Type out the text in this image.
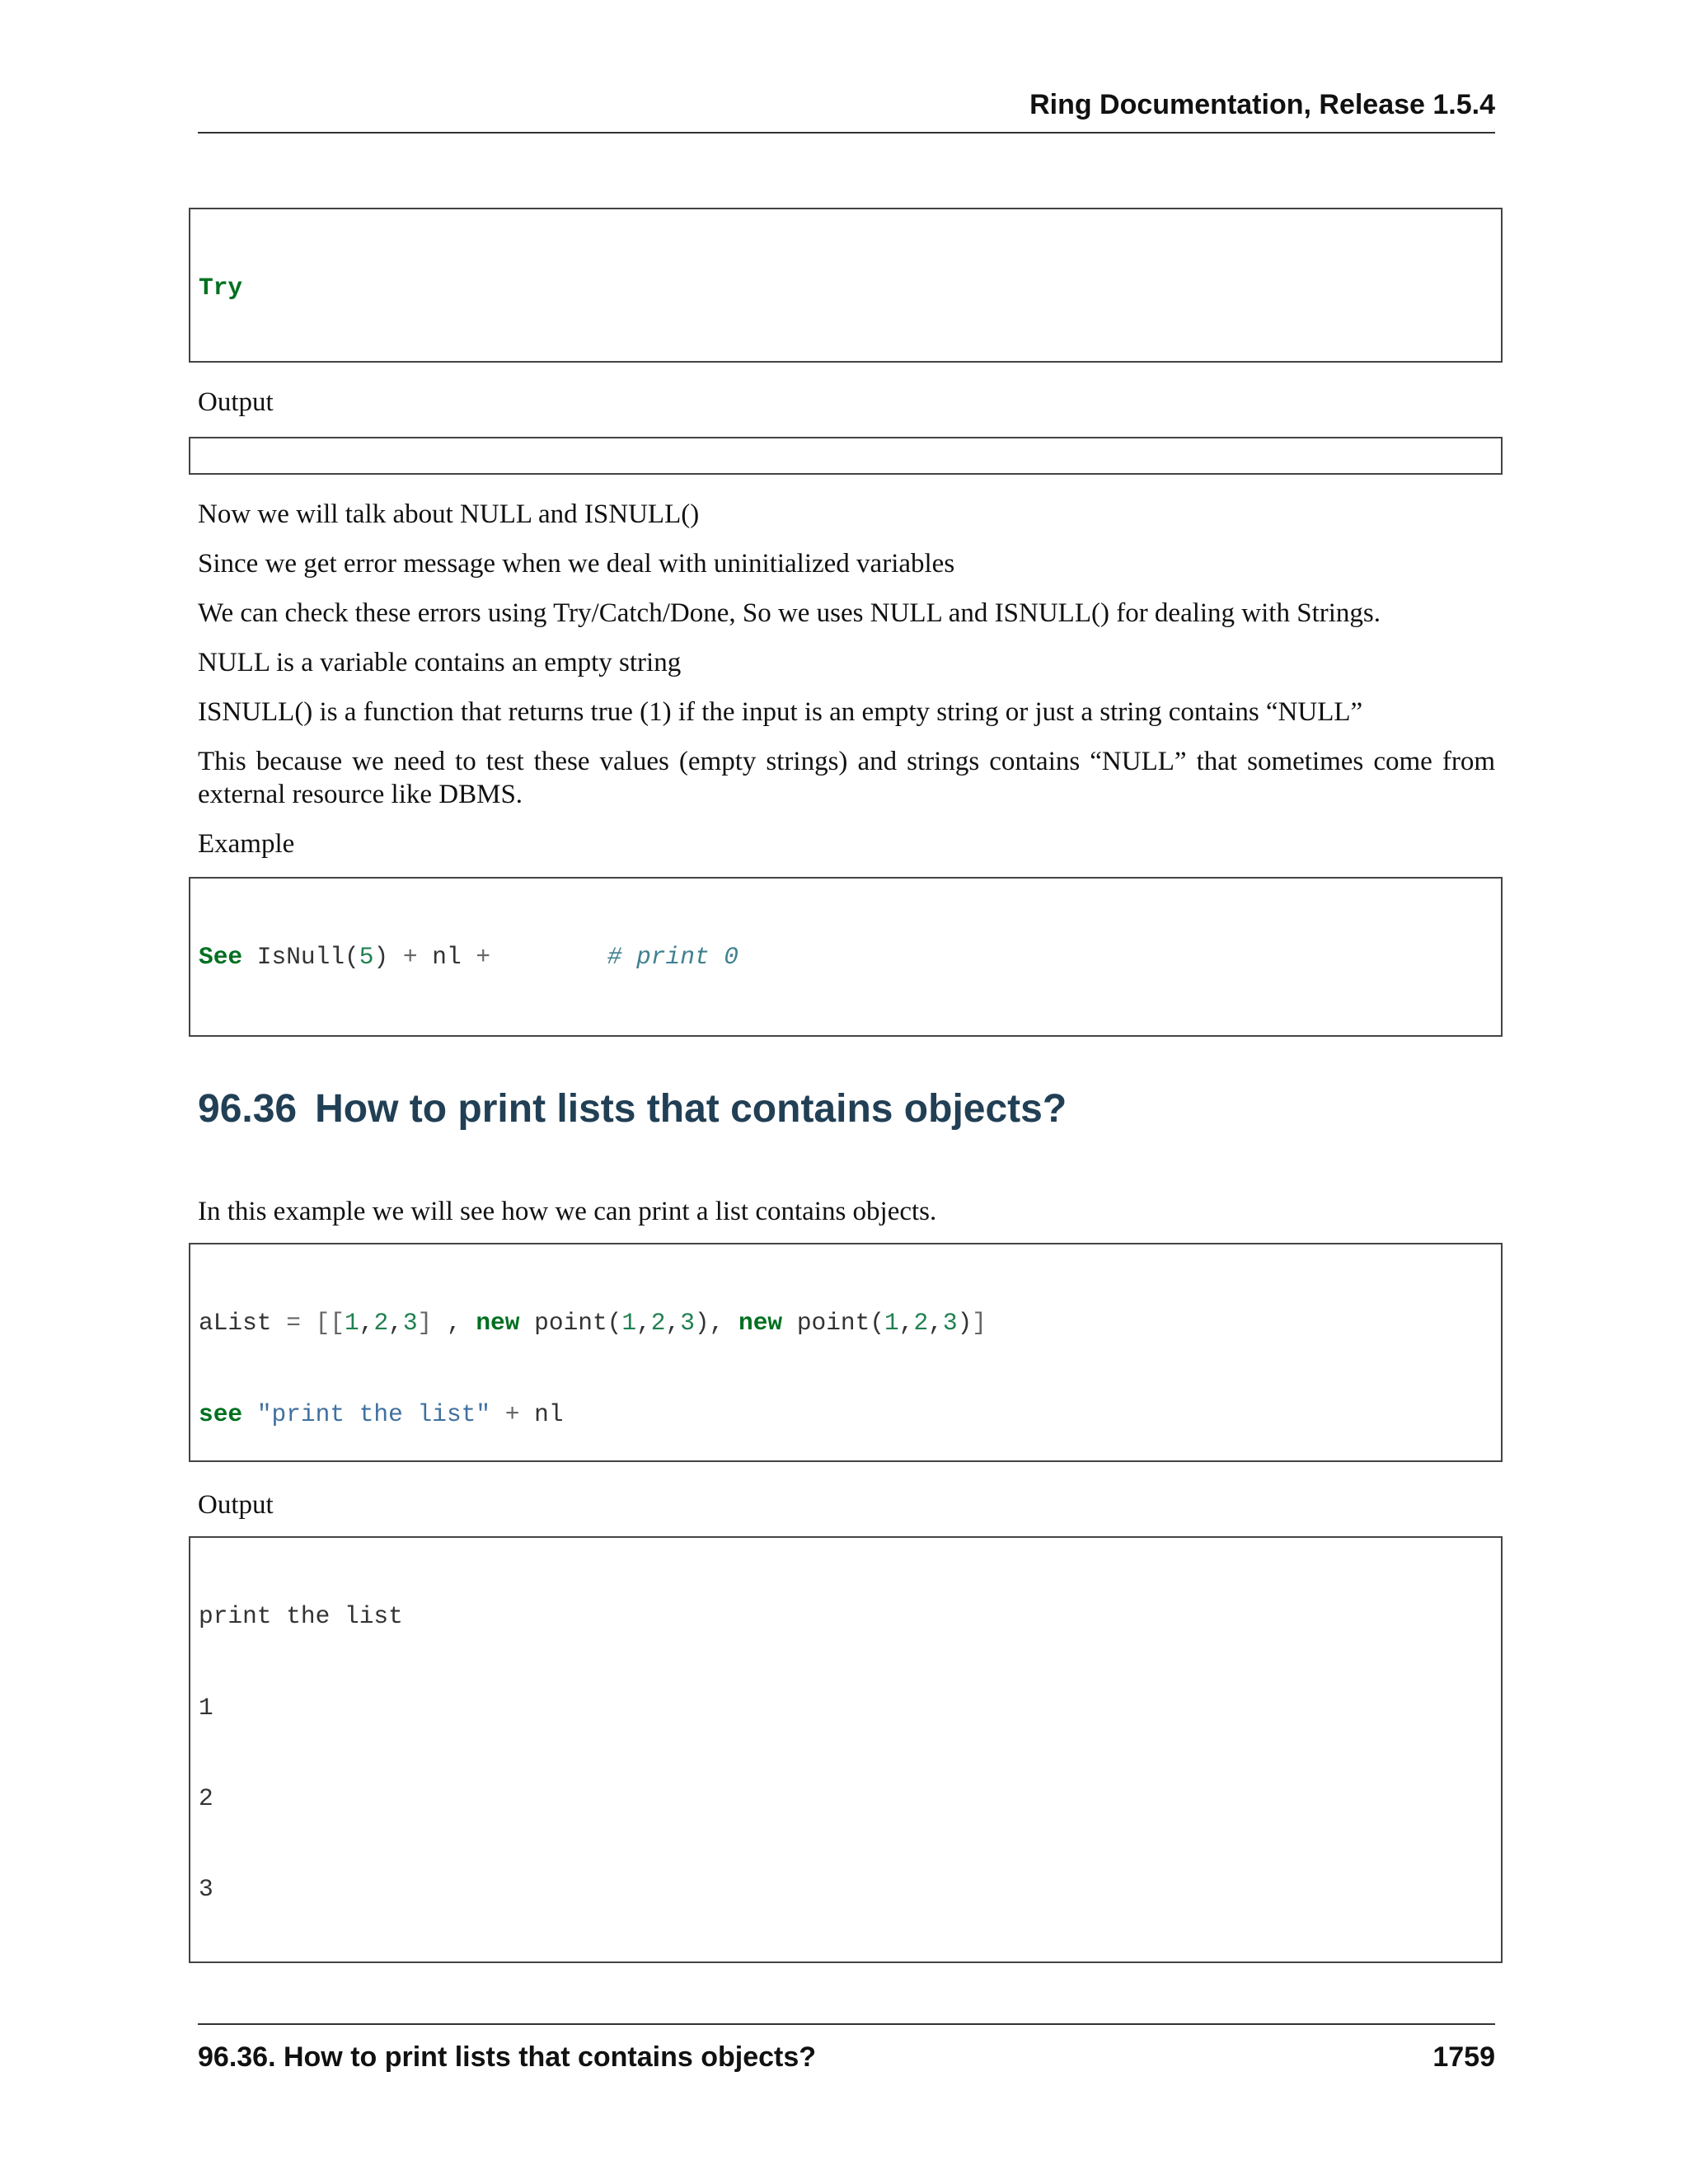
Ring Documentation, Release 1.5.4

Try

Output

Now we will talk about NULL and ISNULL()
Since we get error message when we deal with uninitialized variables
We can check these errors using Try/Catch/Done, So we uses NULL and ISNULL() for dealing with Strings.
NULL is a variable contains an empty string
ISNULL() is a function that returns true (1) if the input is an empty string or just a string contains “NULL”
This because we need to test these values (empty strings) and strings contains “NULL” that sometimes come from external resource like DBMS.
Example

See IsNull(5) + nl +	# print 0

96.36 How to print lists that contains objects?
In this example we will see how we can print a list contains objects.

aList = [[1,2,3] , new point(1,2,3), new point(1,2,3)]

see "print the list" + nl

Output

print the list

1

2

3

96.36. How to print lists that contains objects?	1759
